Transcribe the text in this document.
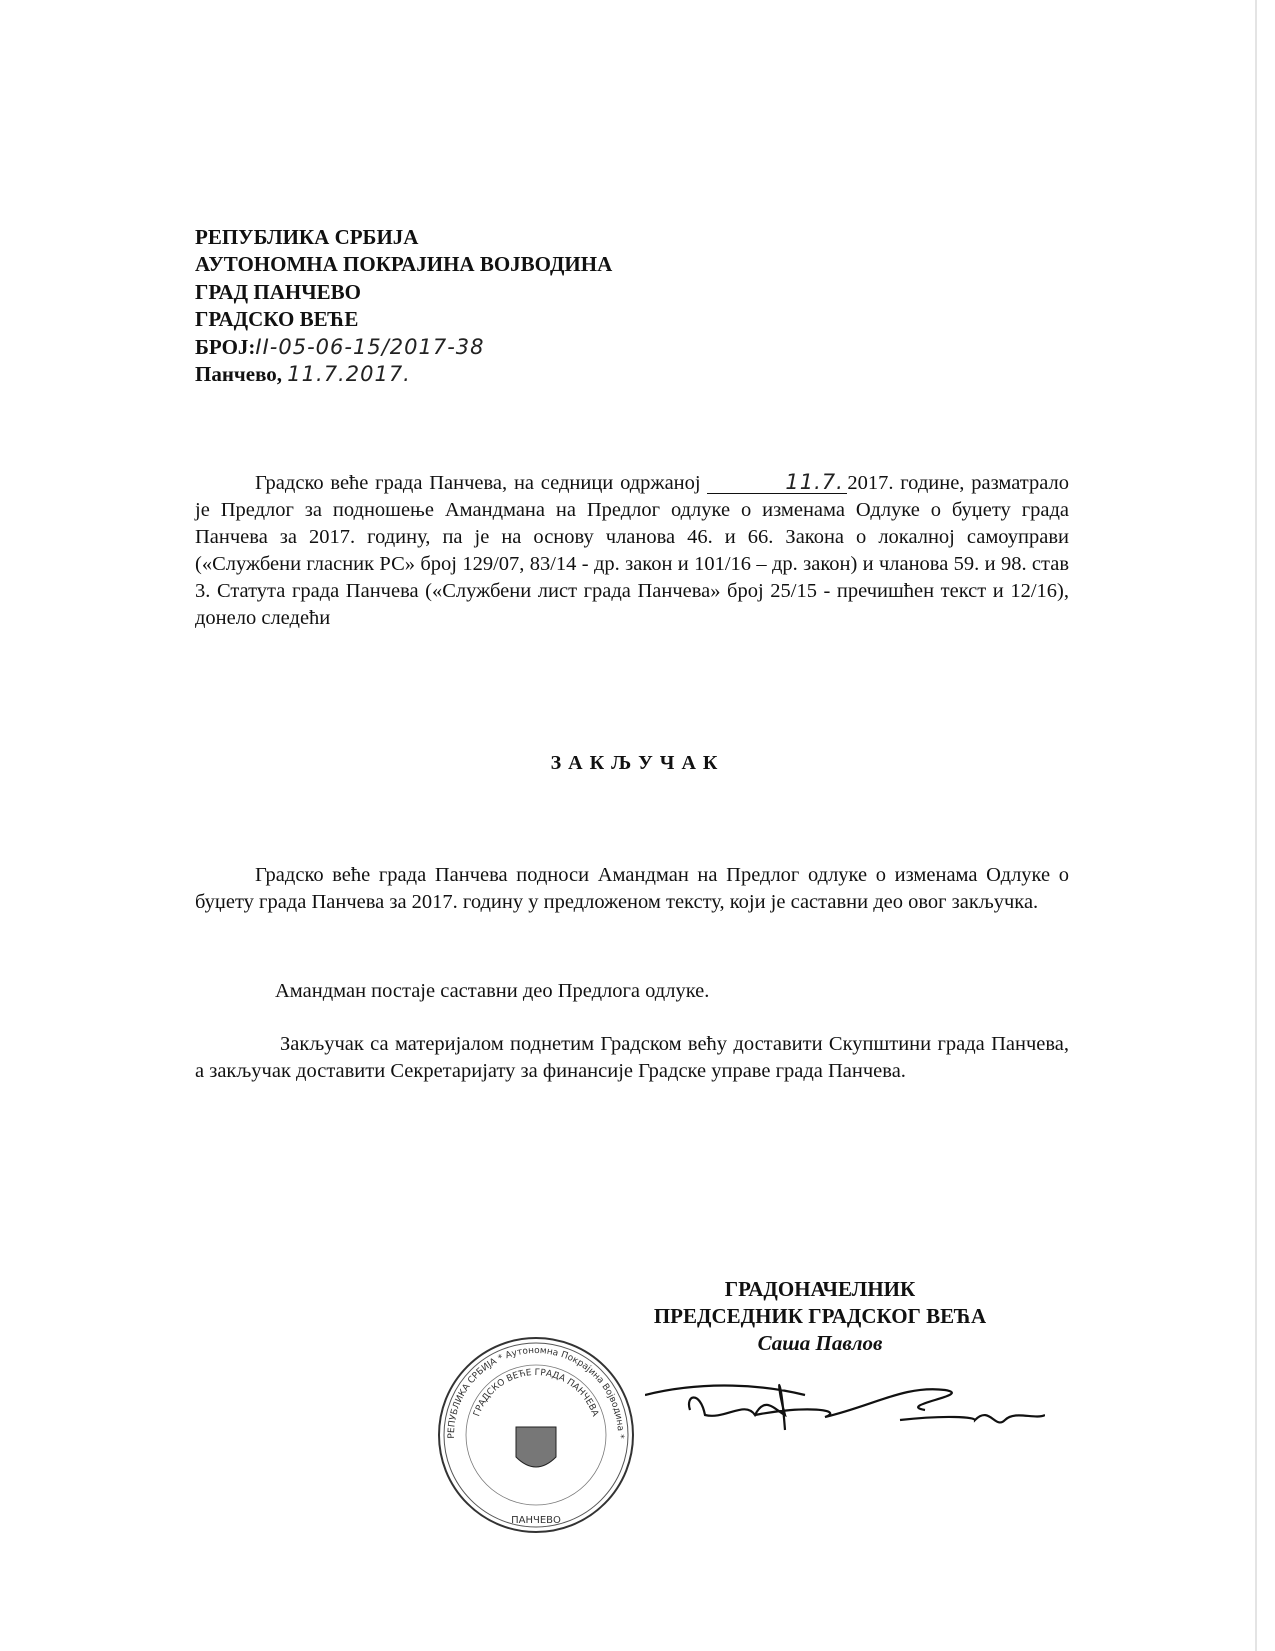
РЕПУБЛИКА СРБИЈА
АУТОНОМНА ПОКРАЈИНА ВОЈВОДИНА
ГРАД ПАНЧЕВО
ГРАДСКО ВЕЋЕ
БРОЈ:II-05-06-15/2017-38
Панчево, 11.7.2017.

Градско веће града Панчева, на седници одржаној	11.7. 2017. године, разматрало је Предлог за подношење Амандмана на Предлог одлуке о изменама Одлуке о буџету града Панчева за 2017. годину, па је на основу чланова 46. и 66. Закона о локалној самоуправи («Службени гласник РС» број 129/07, 83/14 - др. закон и 101/16 – др. закон) и чланова 59. и 98. став 3. Статута града Панчева («Службени лист града Панчева» број 25/15 - пречишћен текст и 12/16), донело следећи

ЗАКЉУЧАК

Градско веће града Панчева подноси Амандман на Предлог одлуке о изменама Одлуке о буџету града Панчева за 2017. годину у предложеном тексту, који је саставни део овог закључка.

Амандман постаје саставни део Предлога одлуке.

Закључак са материјалом поднетим Градском већу доставити Скупштини града Панчева, а закључак доставити Секретаријату за финансије Градске управе града Панчева.

РЕПУБЛИКА СРБИЈА * Аутономна Покрајина Војводина *
ГРАДСКО ВЕЋЕ ГРАДА ПАНЧЕВА
ПАНЧЕВО
ГРАДОНАЧЕЛНИК
ПРЕДСЕДНИК ГРАДСКОГ ВЕЋА
Саша Павлов
